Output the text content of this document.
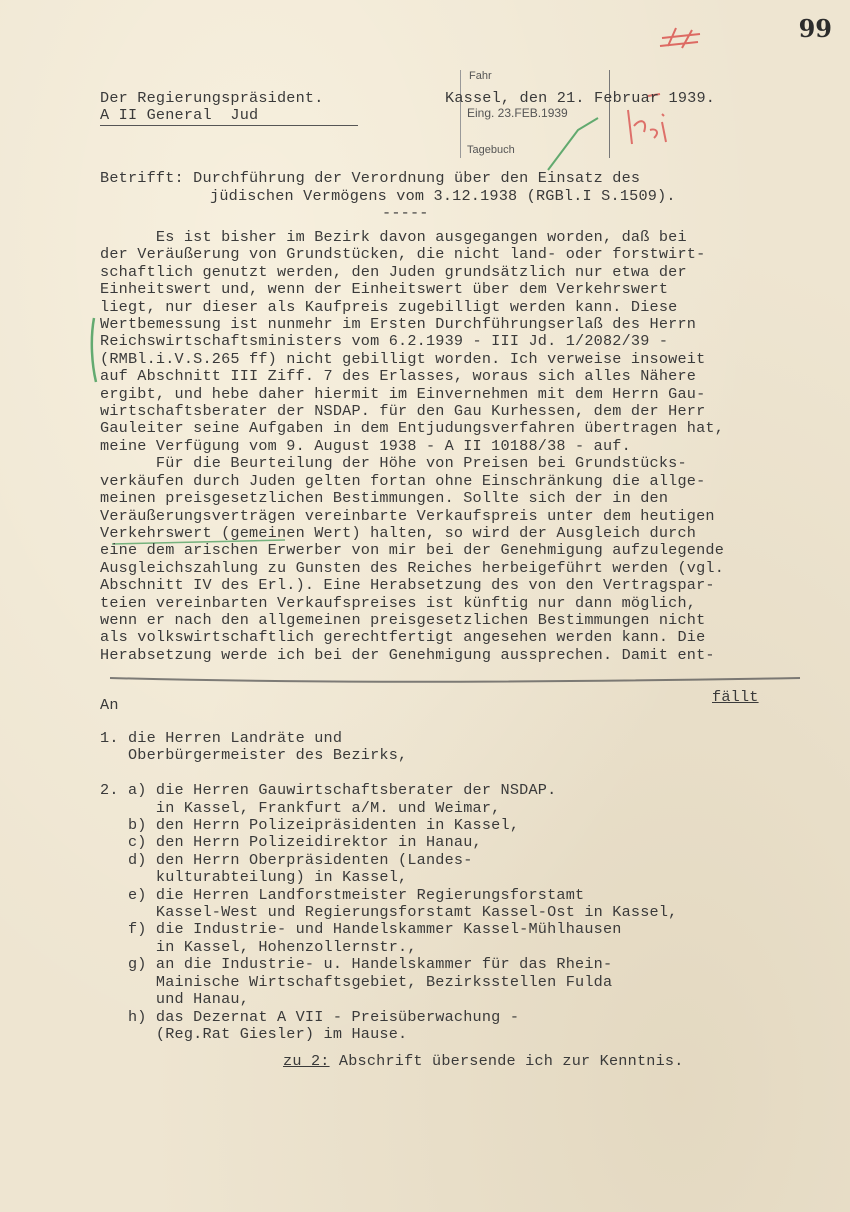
99
Der Regierungspräsident.
A II General  Jud
Fahr
Eing. 23.FEB.1939
Tagebuch
Kassel, den 21. Februar 1939.
Betrifft: Durchführung der Verordnung über den Einsatz des
jüdischen Vermögens vom 3.12.1938 (RGBl.I S.1509).
-----
Es ist bisher im Bezirk davon ausgegangen worden, daß bei
der Veräußerung von Grundstücken, die nicht land- oder forstwirt-
schaftlich genutzt werden, den Juden grundsätzlich nur etwa der
Einheitswert und, wenn der Einheitswert über dem Verkehrswert
liegt, nur dieser als Kaufpreis zugebilligt werden kann. Diese
Wertbemessung ist nunmehr im Ersten Durchführungserlaß des Herrn
Reichswirtschaftsministers vom 6.2.1939 - III Jd. 1/2082/39 -
(RMBl.i.V.S.265 ff) nicht gebilligt worden. Ich verweise insoweit
auf Abschnitt III Ziff. 7 des Erlasses, woraus sich alles Nähere
ergibt, und hebe daher hiermit im Einvernehmen mit dem Herrn Gau-
wirtschaftsberater der NSDAP. für den Gau Kurhessen, dem der Herr
Gauleiter seine Aufgaben in dem Entjudungsverfahren übertragen hat,
meine Verfügung vom 9. August 1938 - A II 10188/38 - auf.
Für die Beurteilung der Höhe von Preisen bei Grundstücks-
verkäufen durch Juden gelten fortan ohne Einschränkung die allge-
meinen preisgesetzlichen Bestimmungen. Sollte sich der in den
Veräußerungsverträgen vereinbarte Verkaufspreis unter dem heutigen
Verkehrswert (gemeinen Wert) halten, so wird der Ausgleich durch
eine dem arischen Erwerber von mir bei der Genehmigung aufzulegende
Ausgleichszahlung zu Gunsten des Reiches herbeigeführt werden (vgl.
Abschnitt IV des Erl.). Eine Herabsetzung des von den Vertragspar-
teien vereinbarten Verkaufspreises ist künftig nur dann möglich,
wenn er nach den allgemeinen preisgesetzlichen Bestimmungen nicht
als volkswirtschaftlich gerechtfertigt angesehen werden kann. Die
Herabsetzung werde ich bei der Genehmigung aussprechen. Damit ent-
fällt
An
1. die Herren Landräte und
Oberbürgermeister des Bezirks,
2. a) die Herren Gauwirtschaftsberater der NSDAP.
in Kassel, Frankfurt a/M. und Weimar,
b) den Herrn Polizeipräsidenten in Kassel,
c) den Herrn Polizeidirektor in Hanau,
d) den Herrn Oberpräsidenten (Landes-
kulturabteilung) in Kassel,
e) die Herren Landforstmeister Regierungsforstamt
Kassel-West und Regierungsforstamt Kassel-Ost in Kassel,
f) die Industrie- und Handelskammer Kassel-Mühlhausen
in Kassel, Hohenzollernstr.,
g) an die Industrie- u. Handelskammer für das Rhein-
Mainische Wirtschaftsgebiet, Bezirksstellen Fulda
und Hanau,
h) das Dezernat A VII - Preisüberwachung -
(Reg.Rat Giesler) im Hause.
zu 2: Abschrift übersende ich zur Kenntnis.
